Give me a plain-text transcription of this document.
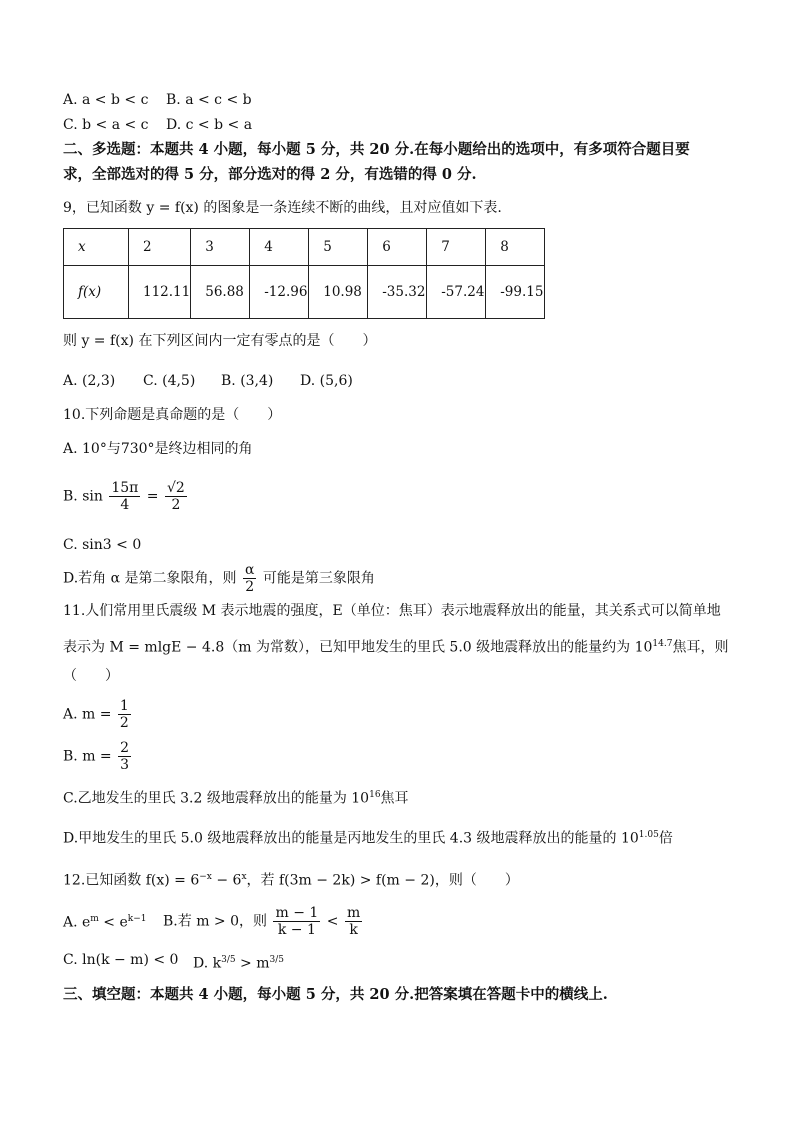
A. a < b < c B. a < c < b
C. b < a < c D. c < b < a
二、多选题：本题共 4 小题，每小题 5 分，共 20 分.在每小题给出的选项中，有多项符合题目要
求，全部选对的得 5 分，部分选对的得 2 分，有选错的得 0 分.
9，已知函数 y = f(x) 的图象是一条连续不断的曲线，且对应值如下表.
x	2	3	4	5	6	7	8
f(x)	112.11	56.88	-12.96	10.98	-35.32	-57.24	-99.15
则 y = f(x) 在下列区间内一定有零点的是（　　）
A. (2,3) C. (4,5) B. (3,4) D. (5,6)
10.下列命题是真命题的是（　　）
A. 10°与730°是终边相同的角
B. $\sin \frac{15\pi}{4} = \frac{√2}{2}$
C. sin3 < 0
D.若角 α 是第二象限角，则 $\frac{\alpha}{2}$ 可能是第三象限角
11.人们常用里氏震级 M 表示地震的强度，E（单位：焦耳）表示地震释放出的能量，其关系式可以简单地
表示为 M = mlgE − 4.8（m 为常数），已知甲地发生的里氏 5.0 级地震释放出的能量约为 $10^{14.7}$焦耳，则
（　　）
A. $m = \frac{1}{2}$
B. $m = \frac{2}{3}$
C.乙地发生的里氏 3.2 级地震释放出的能量为 $10^{16}$焦耳
D.甲地发生的里氏 5.0 级地震释放出的能量是丙地发生的里氏 4.3 级地震释放出的能量的 $10^{1.05}$倍
12.已知函数 $f(x) = 6^{-x} - 6^x$，若 f(3m − 2k) > f(m − 2)，则（　　）
A. $e^m < e^{k-1}$ B.若 m > 0，则 $\frac{m - 1}{k - 1} < \frac{m}{k}$
C. ln(k − m) < 0 D. $k^{3/5} > m^{3/5}$
三、填空题：本题共 4 小题，每小题 5 分，共 20 分.把答案填在答题卡中的横线上.
